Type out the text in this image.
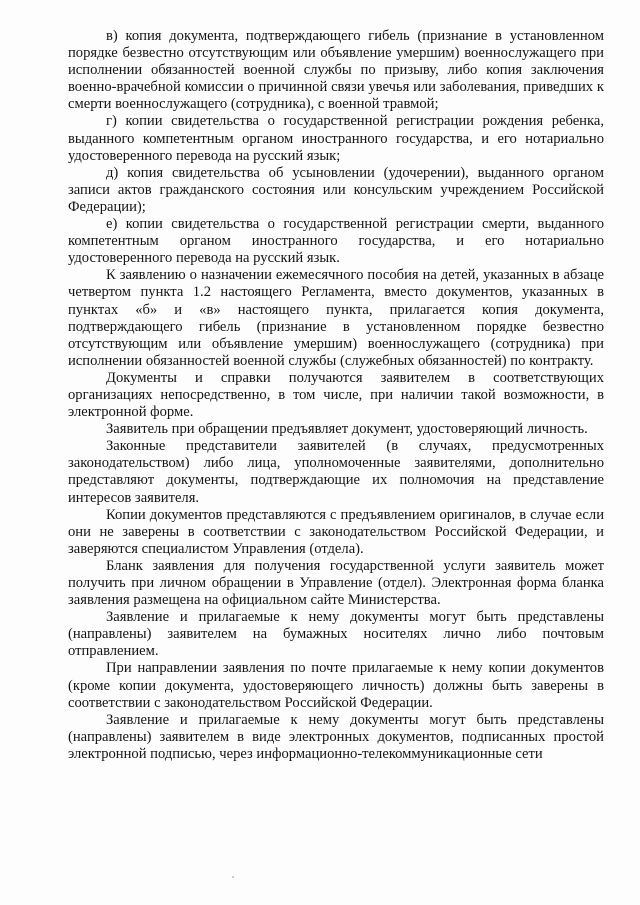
в) копия документа, подтверждающего гибель (признание в установленном порядке безвестно отсутствующим или объявление умершим) военнослужащего при исполнении обязанностей военной службы по призыву, либо копия заключения военно-врачебной комиссии о причинной связи увечья или заболевания, приведших к смерти военнослужащего (сотрудника), с военной травмой;

г) копии свидетельства о государственной регистрации рождения ребенка, выданного компетентным органом иностранного государства, и его нотариально удостоверенного перевода на русский язык;

д) копия свидетельства об усыновлении (удочерении), выданного органом записи актов гражданского состояния или консульским учреждением Российской Федерации);

е) копии свидетельства о государственной регистрации смерти, выданного компетентным органом иностранного государства, и его нотариально удостоверенного перевода на русский язык.

К заявлению о назначении ежемесячного пособия на детей, указанных в абзаце четвертом пункта 1.2 настоящего Регламента, вместо документов, указанных в пунктах «б» и «в» настоящего пункта, прилагается копия документа, подтверждающего гибель (признание в установленном порядке безвестно отсутствующим или объявление умершим) военнослужащего (сотрудника) при исполнении обязанностей военной службы (служебных обязанностей) по контракту.

Документы и справки получаются заявителем в соответствующих организациях непосредственно, в том числе, при наличии такой возможности, в электронной форме.

Заявитель при обращении предъявляет документ, удостоверяющий личность.

Законные представители заявителей (в случаях, предусмотренных законодательством) либо лица, уполномоченные заявителями, дополнительно представляют документы, подтверждающие их полномочия на представление интересов заявителя.

Копии документов представляются с предъявлением оригиналов, в случае если они не заверены в соответствии с законодательством Российской Федерации, и заверяются специалистом Управления (отдела).

Бланк заявления для получения государственной услуги заявитель может получить при личном обращении в Управление (отдел). Электронная форма бланка заявления размещена на официальном сайте Министерства.

Заявление и прилагаемые к нему документы могут быть представлены (направлены) заявителем на бумажных носителях лично либо почтовым отправлением.

При направлении заявления по почте прилагаемые к нему копии документов (кроме копии документа, удостоверяющего личность) должны быть заверены в соответствии с законодательством Российской Федерации.

Заявление и прилагаемые к нему документы могут быть представлены (направлены) заявителем в виде электронных документов, подписанных простой электронной подписью, через информационно-телекоммуникационные сети
